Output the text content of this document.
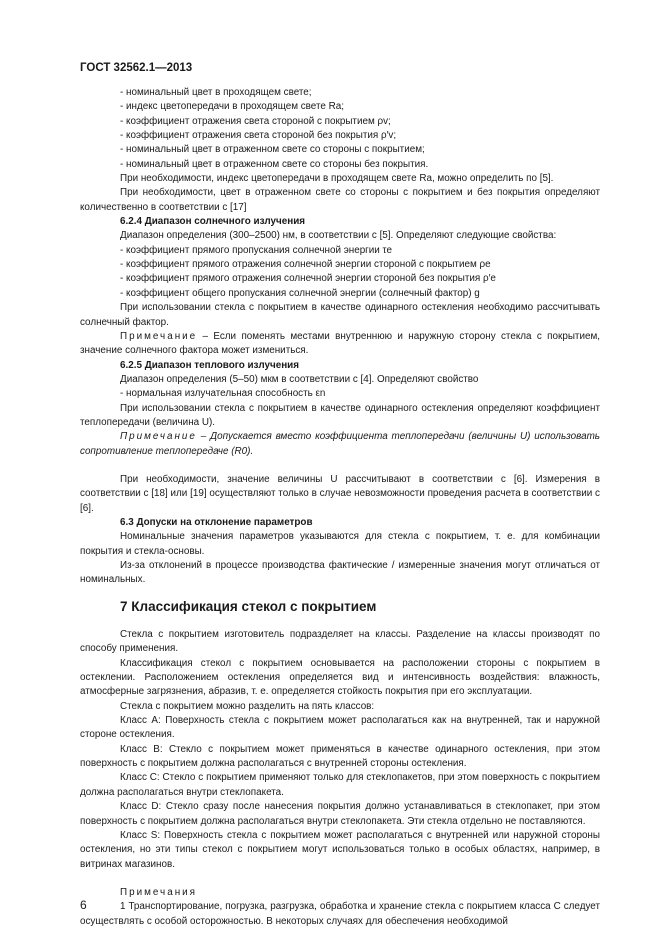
ГОСТ 32562.1—2013
- номинальный цвет в проходящем свете;
- индекс цветопередачи в проходящем свете Ra;
- коэффициент отражения света стороной с покрытием ρv;
- коэффициент отражения света стороной без покрытия ρ′v;
- номинальный цвет в отраженном свете со стороны с покрытием;
- номинальный цвет в отраженном свете со стороны без покрытия.

При необходимости, индекс цветопередачи в проходящем свете Ra, можно определить по [5].

При необходимости, цвет в отраженном свете со стороны с покрытием и без покрытия определяют количественно в соответствии с [17]

6.2.4 Диапазон солнечного излучения
Диапазон определения (300–2500) нм, в соответствии с [5]. Определяют следующие свойства:
- коэффициент прямого пропускания солнечной энергии τe
- коэффициент прямого отражения солнечной энергии стороной с покрытием ρe
- коэффициент прямого отражения солнечной энергии стороной без покрытия ρ′e
- коэффициент общего пропускания солнечной энергии (солнечный фактор) g

При использовании стекла с покрытием в качестве одинарного остекления необходимо рассчитывать солнечный фактор.

Примечание – Если поменять местами внутреннюю и наружную сторону стекла с покрытием, значение солнечного фактора может измениться.

6.2.5 Диапазон теплового излучения
Диапазон определения (5–50) мкм в соответствии с [4]. Определяют свойство
- нормальная излучательная способность εn

При использовании стекла с покрытием в качестве одинарного остекления определяют коэффициент теплопередачи (величина U).

Примечание – Допускается вместо коэффициента теплопередачи (величины U) использовать сопротивление теплопередаче (R0).

При необходимости, значение величины U рассчитывают в соответствии с [6]. Измерения в соответствии с [18] или [19] осуществляют только в случае невозможности проведения расчета в соответствии с [6].

6.3 Допуски на отклонение параметров

Номинальные значения параметров указываются для стекла с покрытием, т. е. для комбинации покрытия и стекла-основы.

Из-за отклонений в процессе производства фактические / измеренные значения могут отличаться от номинальных.

7 Классификация стекол с покрытием

Стекла с покрытием изготовитель подразделяет на классы. Разделение на классы производят по способу применения.

Классификация стекол с покрытием основывается на расположении стороны с покрытием в остеклении. Расположением остекления определяется вид и интенсивность воздействия: влажность, атмосферные загрязнения, абразив, т. е. определяется стойкость покрытия при его эксплуатации.

Стекла с покрытием можно разделить на пять классов:

Класс А: Поверхность стекла с покрытием может располагаться как на внутренней, так и наружной стороне остекления.

Класс В: Стекло с покрытием может применяться в качестве одинарного остекления, при этом поверхность с покрытием должна располагаться с внутренней стороны остекления.

Класс С: Стекло с покрытием применяют только для стеклопакетов, при этом поверхность с покрытием должна располагаться внутри стеклопакета.

Класс D: Стекло сразу после нанесения покрытия должно устанавливаться в стеклопакет, при этом поверхность с покрытием должна располагаться внутри стеклопакета. Эти стекла отдельно не поставляются.

Класс S: Поверхность стекла с покрытием может располагаться с внутренней или наружной стороны остекления, но эти типы стекол с покрытием могут использоваться только в особых областях, например, в витринах магазинов.

Примечания

1 Транспортирование, погрузка, разгрузка, обработка и хранение стекла с покрытием класса С следует осуществлять с особой осторожностью. В некоторых случаях для обеспечения необходимой

6
